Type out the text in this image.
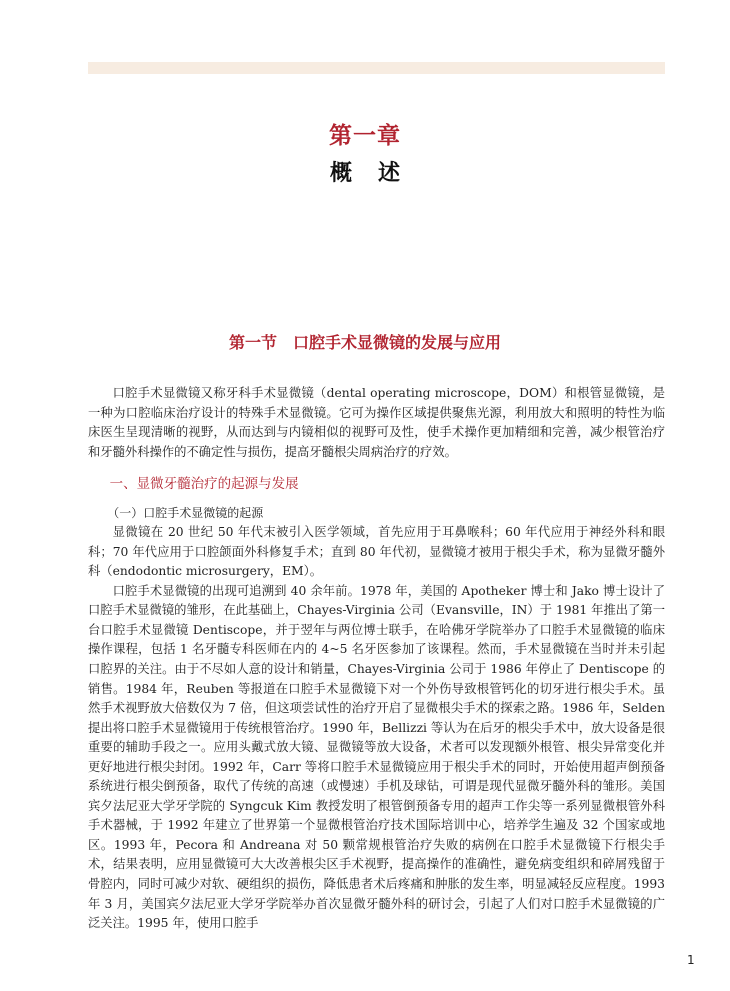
第一章
概述
第一节 口腔手术显微镜的发展与应用

口腔手术显微镜又称牙科手术显微镜（dental operating microscope，DOM）和根管显微镜，是一种为口腔临床治疗设计的特殊手术显微镜。它可为操作区域提供聚焦光源，利用放大和照明的特性为临床医生呈现清晰的视野，从而达到与内镜相似的视野可及性，使手术操作更加精细和完善，减少根管治疗和牙髓外科操作的不确定性与损伤，提高牙髓根尖周病治疗的疗效。

一、显微牙髓治疗的起源与发展
（一）口腔手术显微镜的起源

显微镜在 20 世纪 50 年代末被引入医学领域，首先应用于耳鼻喉科；60 年代应用于神经外科和眼科；70 年代应用于口腔颌面外科修复手术；直到 80 年代初，显微镜才被用于根尖手术，称为显微牙髓外科（endodontic microsurgery，EM）。

口腔手术显微镜的出现可追溯到 40 余年前。1978 年，美国的 Apotheker 博士和 Jako 博士设计了口腔手术显微镜的雏形，在此基础上，Chayes-Virginia 公司（Evansville，IN）于 1981 年推出了第一台口腔手术显微镜 Dentiscope，并于翌年与两位博士联手，在哈佛牙学院举办了口腔手术显微镜的临床操作课程，包括 1 名牙髓专科医师在内的 4~5 名牙医参加了该课程。然而，手术显微镜在当时并未引起口腔界的关注。由于不尽如人意的设计和销量，Chayes-Virginia 公司于 1986 年停止了 Dentiscope 的销售。1984 年，Reuben 等报道在口腔手术显微镜下对一个外伤导致根管钙化的切牙进行根尖手术。虽然手术视野放大倍数仅为 7 倍，但这项尝试性的治疗开启了显微根尖手术的探索之路。1986 年，Selden 提出将口腔手术显微镜用于传统根管治疗。1990 年，Bellizzi 等认为在后牙的根尖手术中，放大设备是很重要的辅助手段之一。应用头戴式放大镜、显微镜等放大设备，术者可以发现额外根管、根尖异常变化并更好地进行根尖封闭。1992 年，Carr 等将口腔手术显微镜应用于根尖手术的同时，开始使用超声倒预备系统进行根尖倒预备，取代了传统的高速（或慢速）手机及球钻，可谓是现代显微牙髓外科的雏形。美国宾夕法尼亚大学牙学院的 Syngcuk Kim 教授发明了根管倒预备专用的超声工作尖等一系列显微根管外科手术器械，于 1992 年建立了世界第一个显微根管治疗技术国际培训中心，培养学生遍及 32 个国家或地区。1993 年，Pecora 和 Andreana 对 50 颗常规根管治疗失败的病例在口腔手术显微镜下行根尖手术，结果表明，应用显微镜可大大改善根尖区手术视野，提高操作的准确性，避免病变组织和碎屑残留于骨腔内，同时可减少对软、硬组织的损伤，降低患者术后疼痛和肿胀的发生率，明显减轻反应程度。1993 年 3 月，美国宾夕法尼亚大学牙学院举办首次显微牙髓外科的研讨会，引起了人们对口腔手术显微镜的广泛关注。1995 年，使用口腔手

1
